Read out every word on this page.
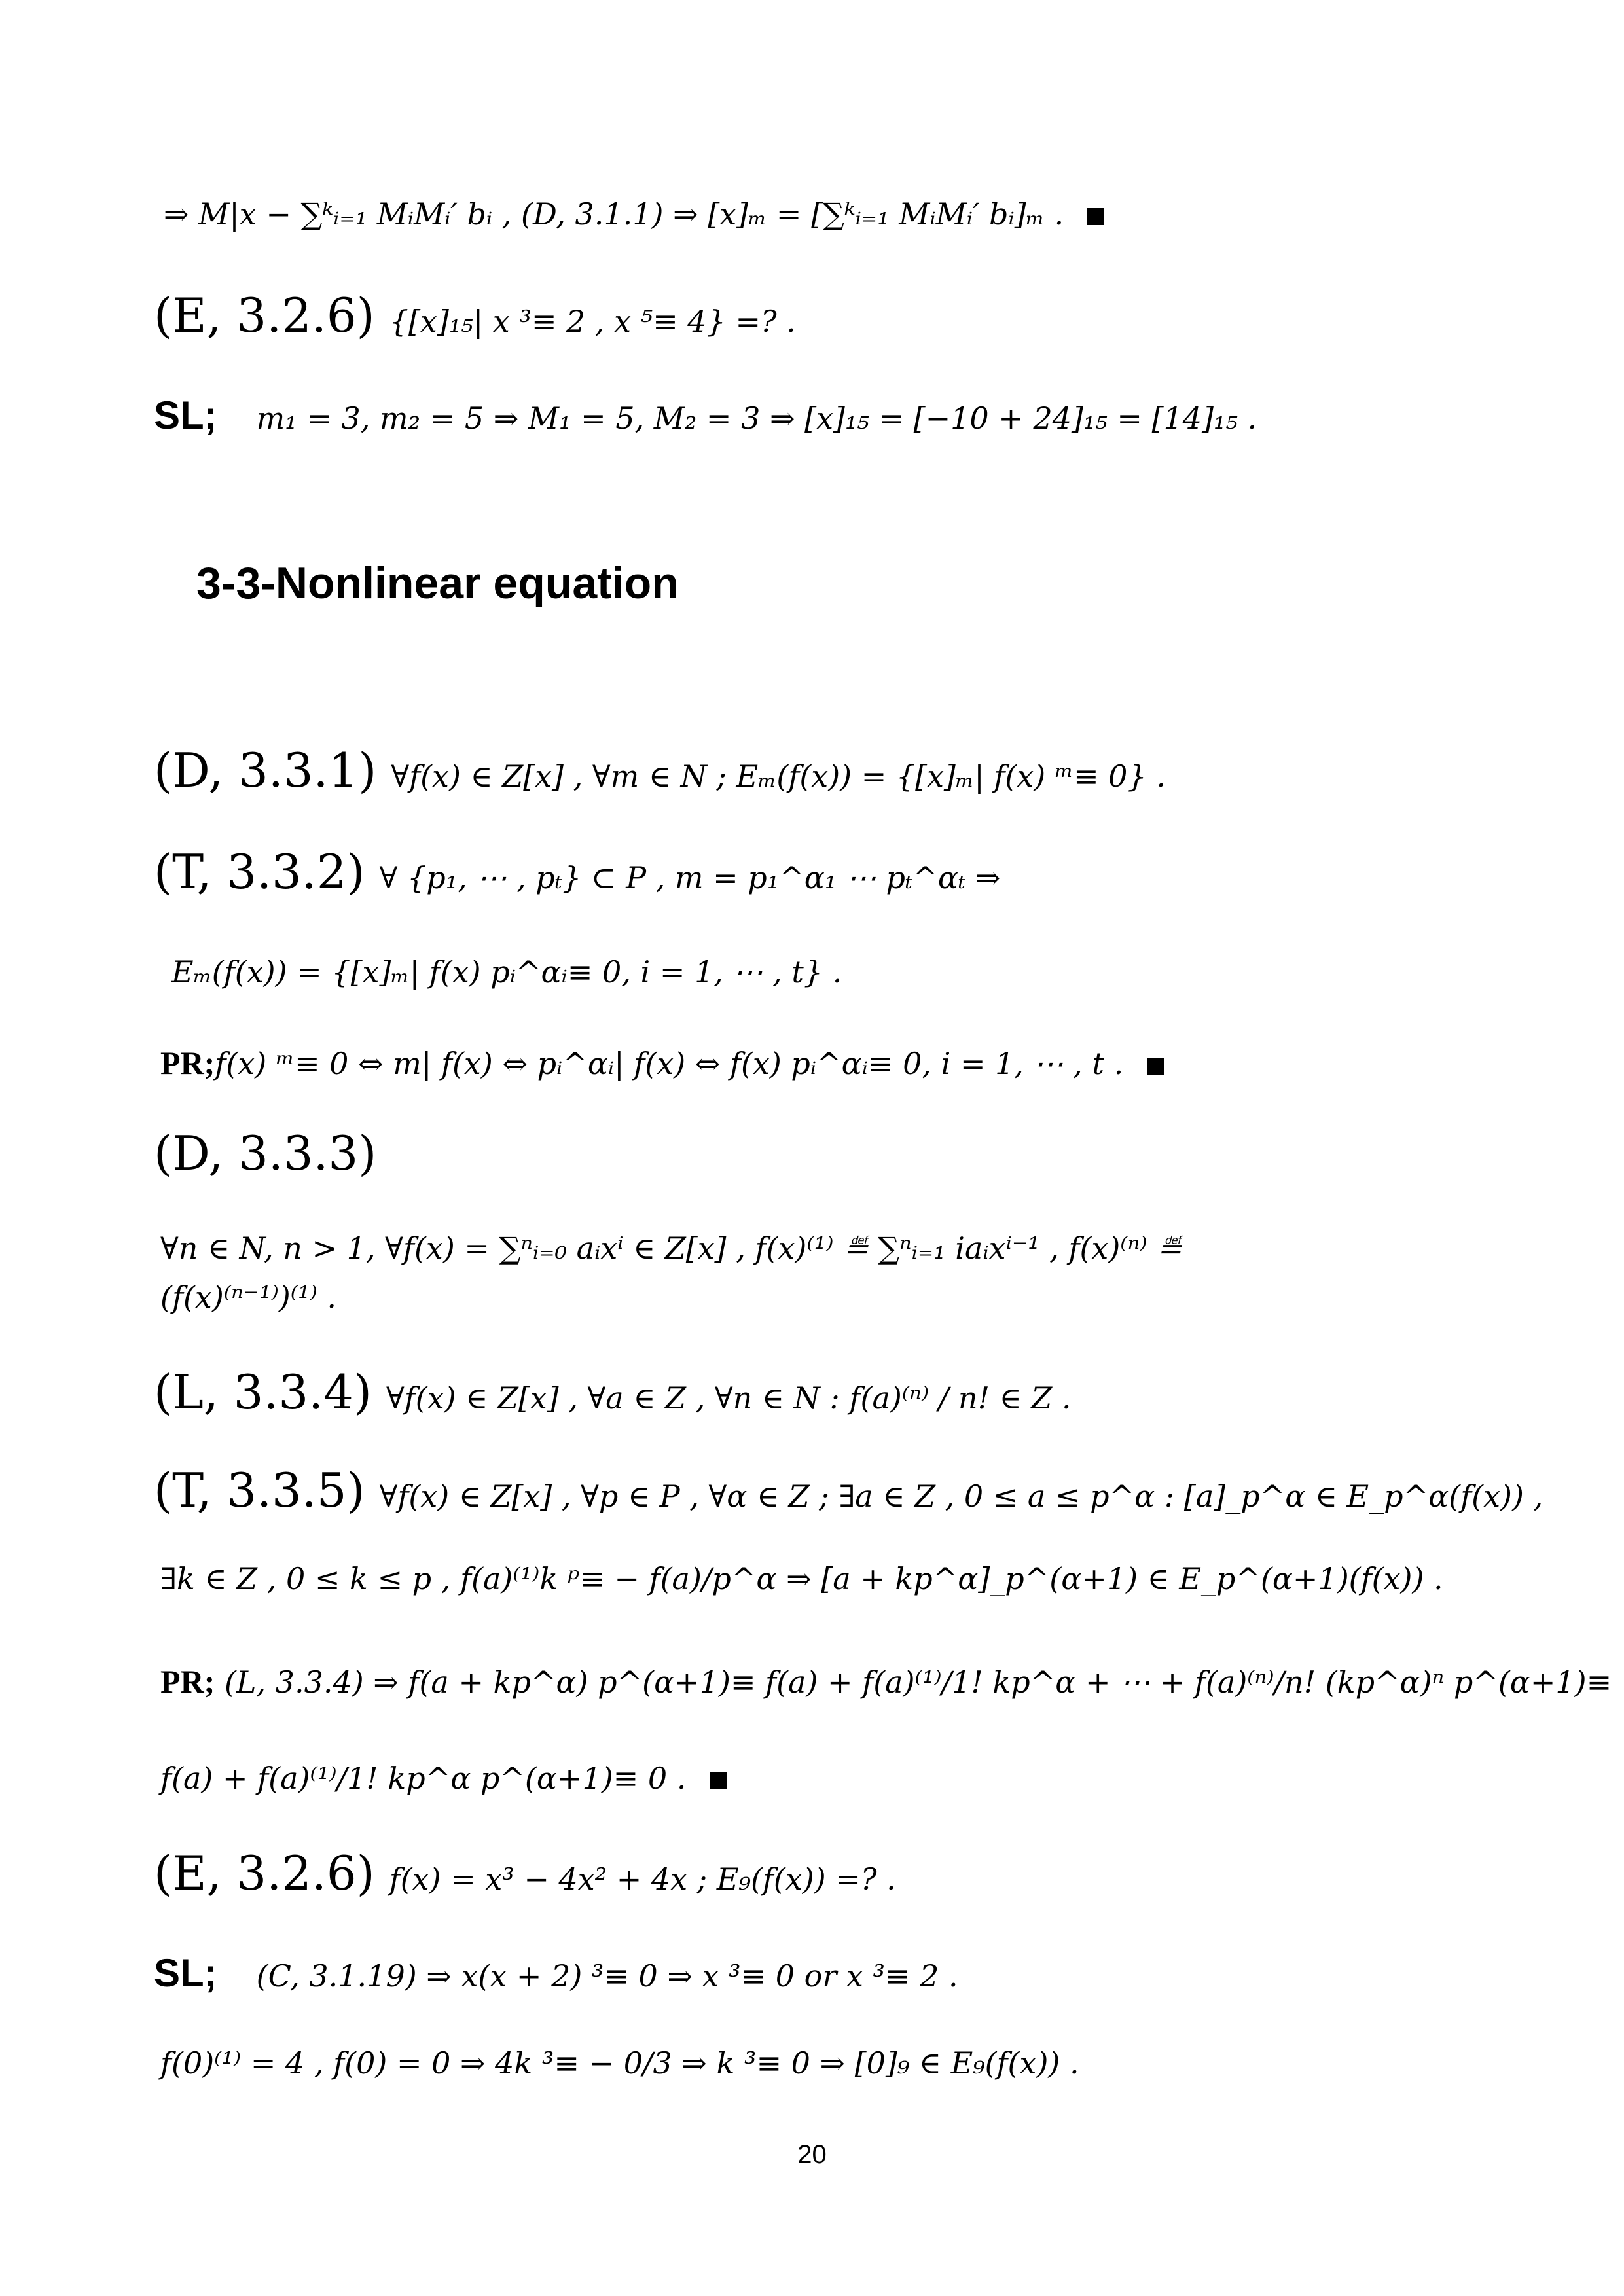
⇒ M|x − ∑ᵏᵢ₌₁ MᵢMᵢ′ bᵢ , (D, 3.1.1) ⇒ [x]ₘ = [∑ᵏᵢ₌₁ MᵢMᵢ′ bᵢ]ₘ .
(E, 3.2.6) {[x]₁₅| x ³≡ 2 , x ⁵≡ 4} =? .
SL; m₁ = 3, m₂ = 5 ⇒ M₁ = 5, M₂ = 3 ⇒ [x]₁₅ = [−10 + 24]₁₅ = [14]₁₅ .
3-3-Nonlinear equation
(D, 3.3.1) ∀f(x) ∈ Z[x] , ∀m ∈ N ; Eₘ(f(x)) = {[x]ₘ| f(x) ᵐ≡ 0} .
(T, 3.3.2) ∀ {p₁, ⋯ , pₜ} ⊂ P , m = p₁^α₁ ⋯ pₜ^αₜ ⇒
Eₘ(f(x)) = {[x]ₘ| f(x) pᵢ^αᵢ≡ 0, i = 1, ⋯ , t} .
PR;f(x) ᵐ≡ 0 ⇔ m| f(x) ⇔ pᵢ^αᵢ| f(x) ⇔ f(x) pᵢ^αᵢ≡ 0, i = 1, ⋯ , t .
(D, 3.3.3)
∀n ∈ N, n > 1, ∀f(x) = ∑ⁿᵢ₌₀ aᵢxⁱ ∈ Z[x] , f(x)⁽¹⁾ ≝ ∑ⁿᵢ₌₁ iaᵢxⁱ⁻¹ , f(x)⁽ⁿ⁾ ≝
(f(x)⁽ⁿ⁻¹⁾)⁽¹⁾ .
(L, 3.3.4) ∀f(x) ∈ Z[x] , ∀a ∈ Z , ∀n ∈ N : f(a)⁽ⁿ⁾ / n! ∈ Z .
(T, 3.3.5) ∀f(x) ∈ Z[x] , ∀p ∈ P , ∀α ∈ Z ; ∃a ∈ Z , 0 ≤ a ≤ p^α : [a]_p^α ∈ E_p^α(f(x)) ,
∃k ∈ Z , 0 ≤ k ≤ p , f(a)⁽¹⁾k ᵖ≡ − f(a)/p^α ⇒ [a + kp^α]_p^(α+1) ∈ E_p^(α+1)(f(x)) .
PR; (L, 3.3.4) ⇒ f(a + kp^α) p^(α+1)≡ f(a) + f(a)⁽¹⁾/1! kp^α + ⋯ + f(a)⁽ⁿ⁾/n! (kp^α)ⁿ p^(α+1)≡
f(a) + f(a)⁽¹⁾/1! kp^α p^(α+1)≡ 0 .
(E, 3.2.6) f(x) = x³ − 4x² + 4x ; E₉(f(x)) =? .
SL; (C, 3.1.19) ⇒ x(x + 2) ³≡ 0 ⇒ x ³≡ 0 or x ³≡ 2 .
f(0)⁽¹⁾ = 4 , f(0) = 0 ⇒ 4k ³≡ − 0/3 ⇒ k ³≡ 0 ⇒ [0]₉ ∈ E₉(f(x)) .
20
